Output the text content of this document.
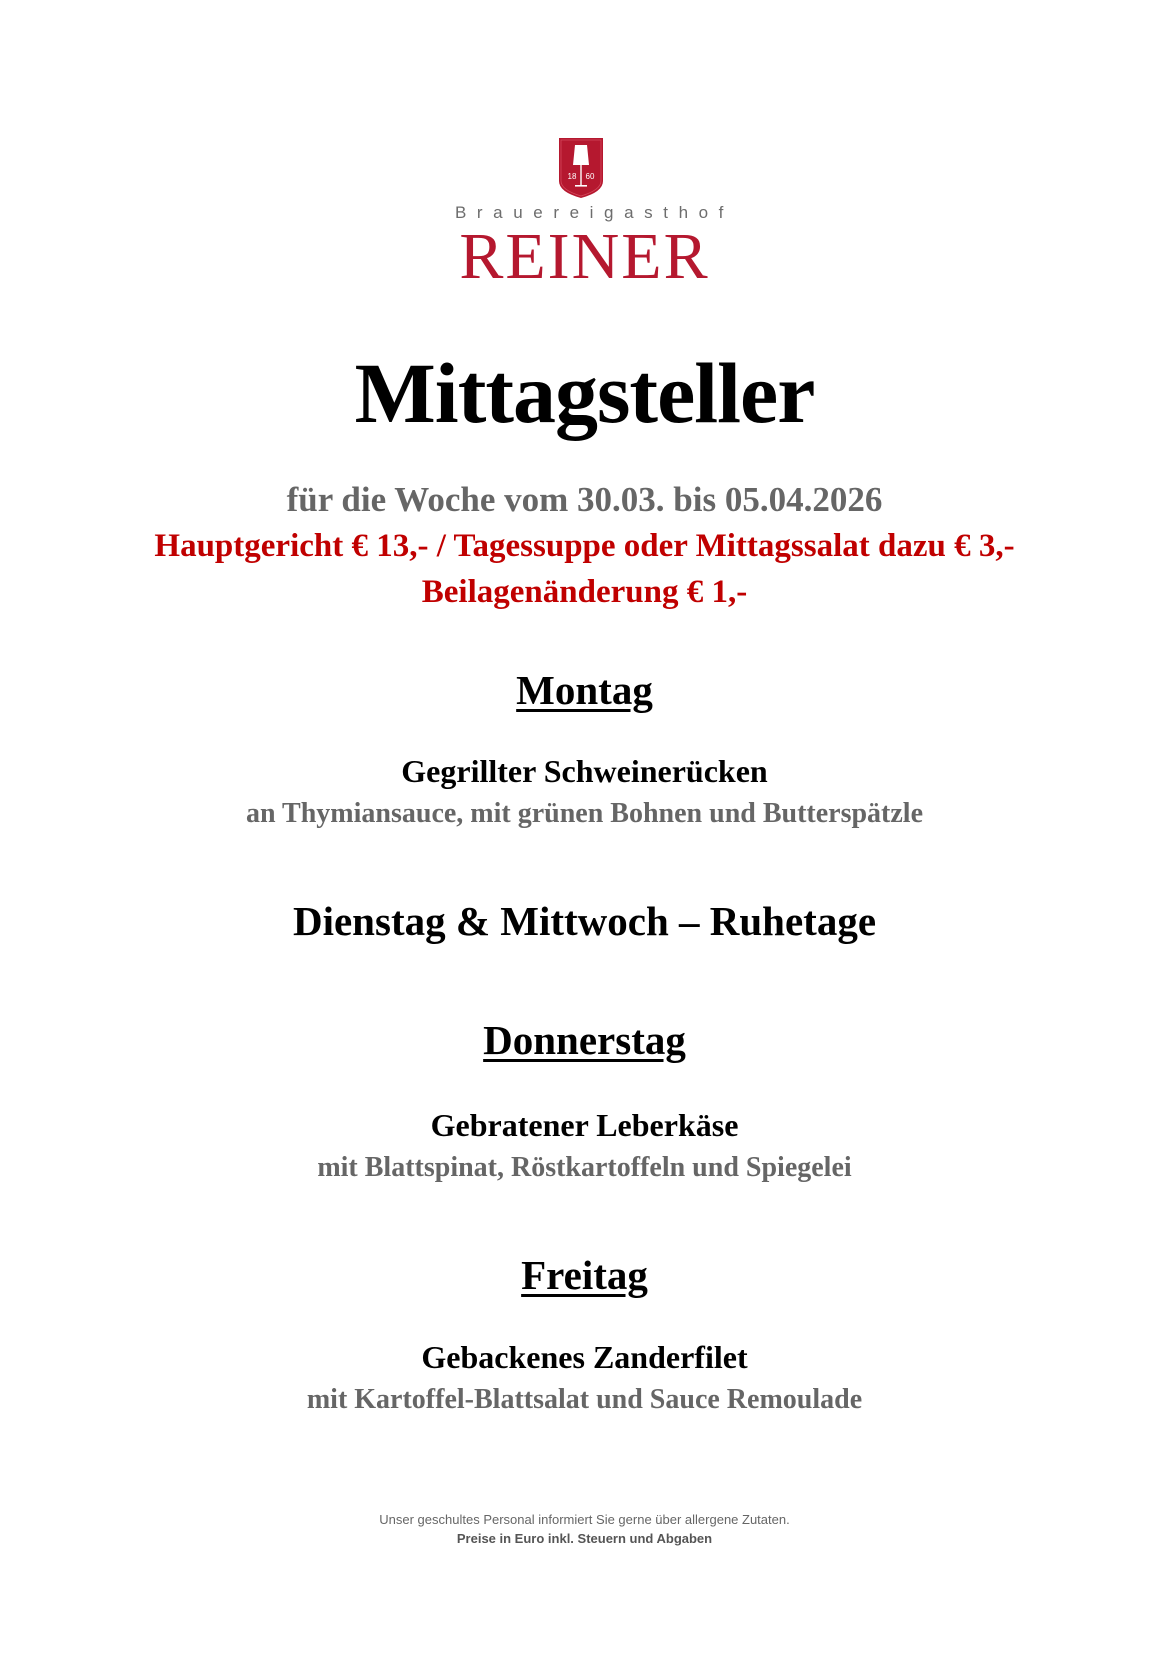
18 60
Brauereigasthof
REINER
Mittagsteller
für die Woche vom 30.03. bis 05.04.2026
Hauptgericht € 13,- / Tagessuppe oder Mittagssalat dazu € 3,-
Beilagenänderung € 1,-
Montag
Gegrillter Schweinerücken
an Thymiansauce, mit grünen Bohnen und Butterspätzle
Dienstag & Mittwoch – Ruhetage
Donnerstag
Gebratener Leberkäse
mit Blattspinat, Röstkartoffeln und Spiegelei
Freitag
Gebackenes Zanderfilet
mit Kartoffel-Blattsalat und Sauce Remoulade
Unser geschultes Personal informiert Sie gerne über allergene Zutaten.
Preise in Euro inkl. Steuern und Abgaben
